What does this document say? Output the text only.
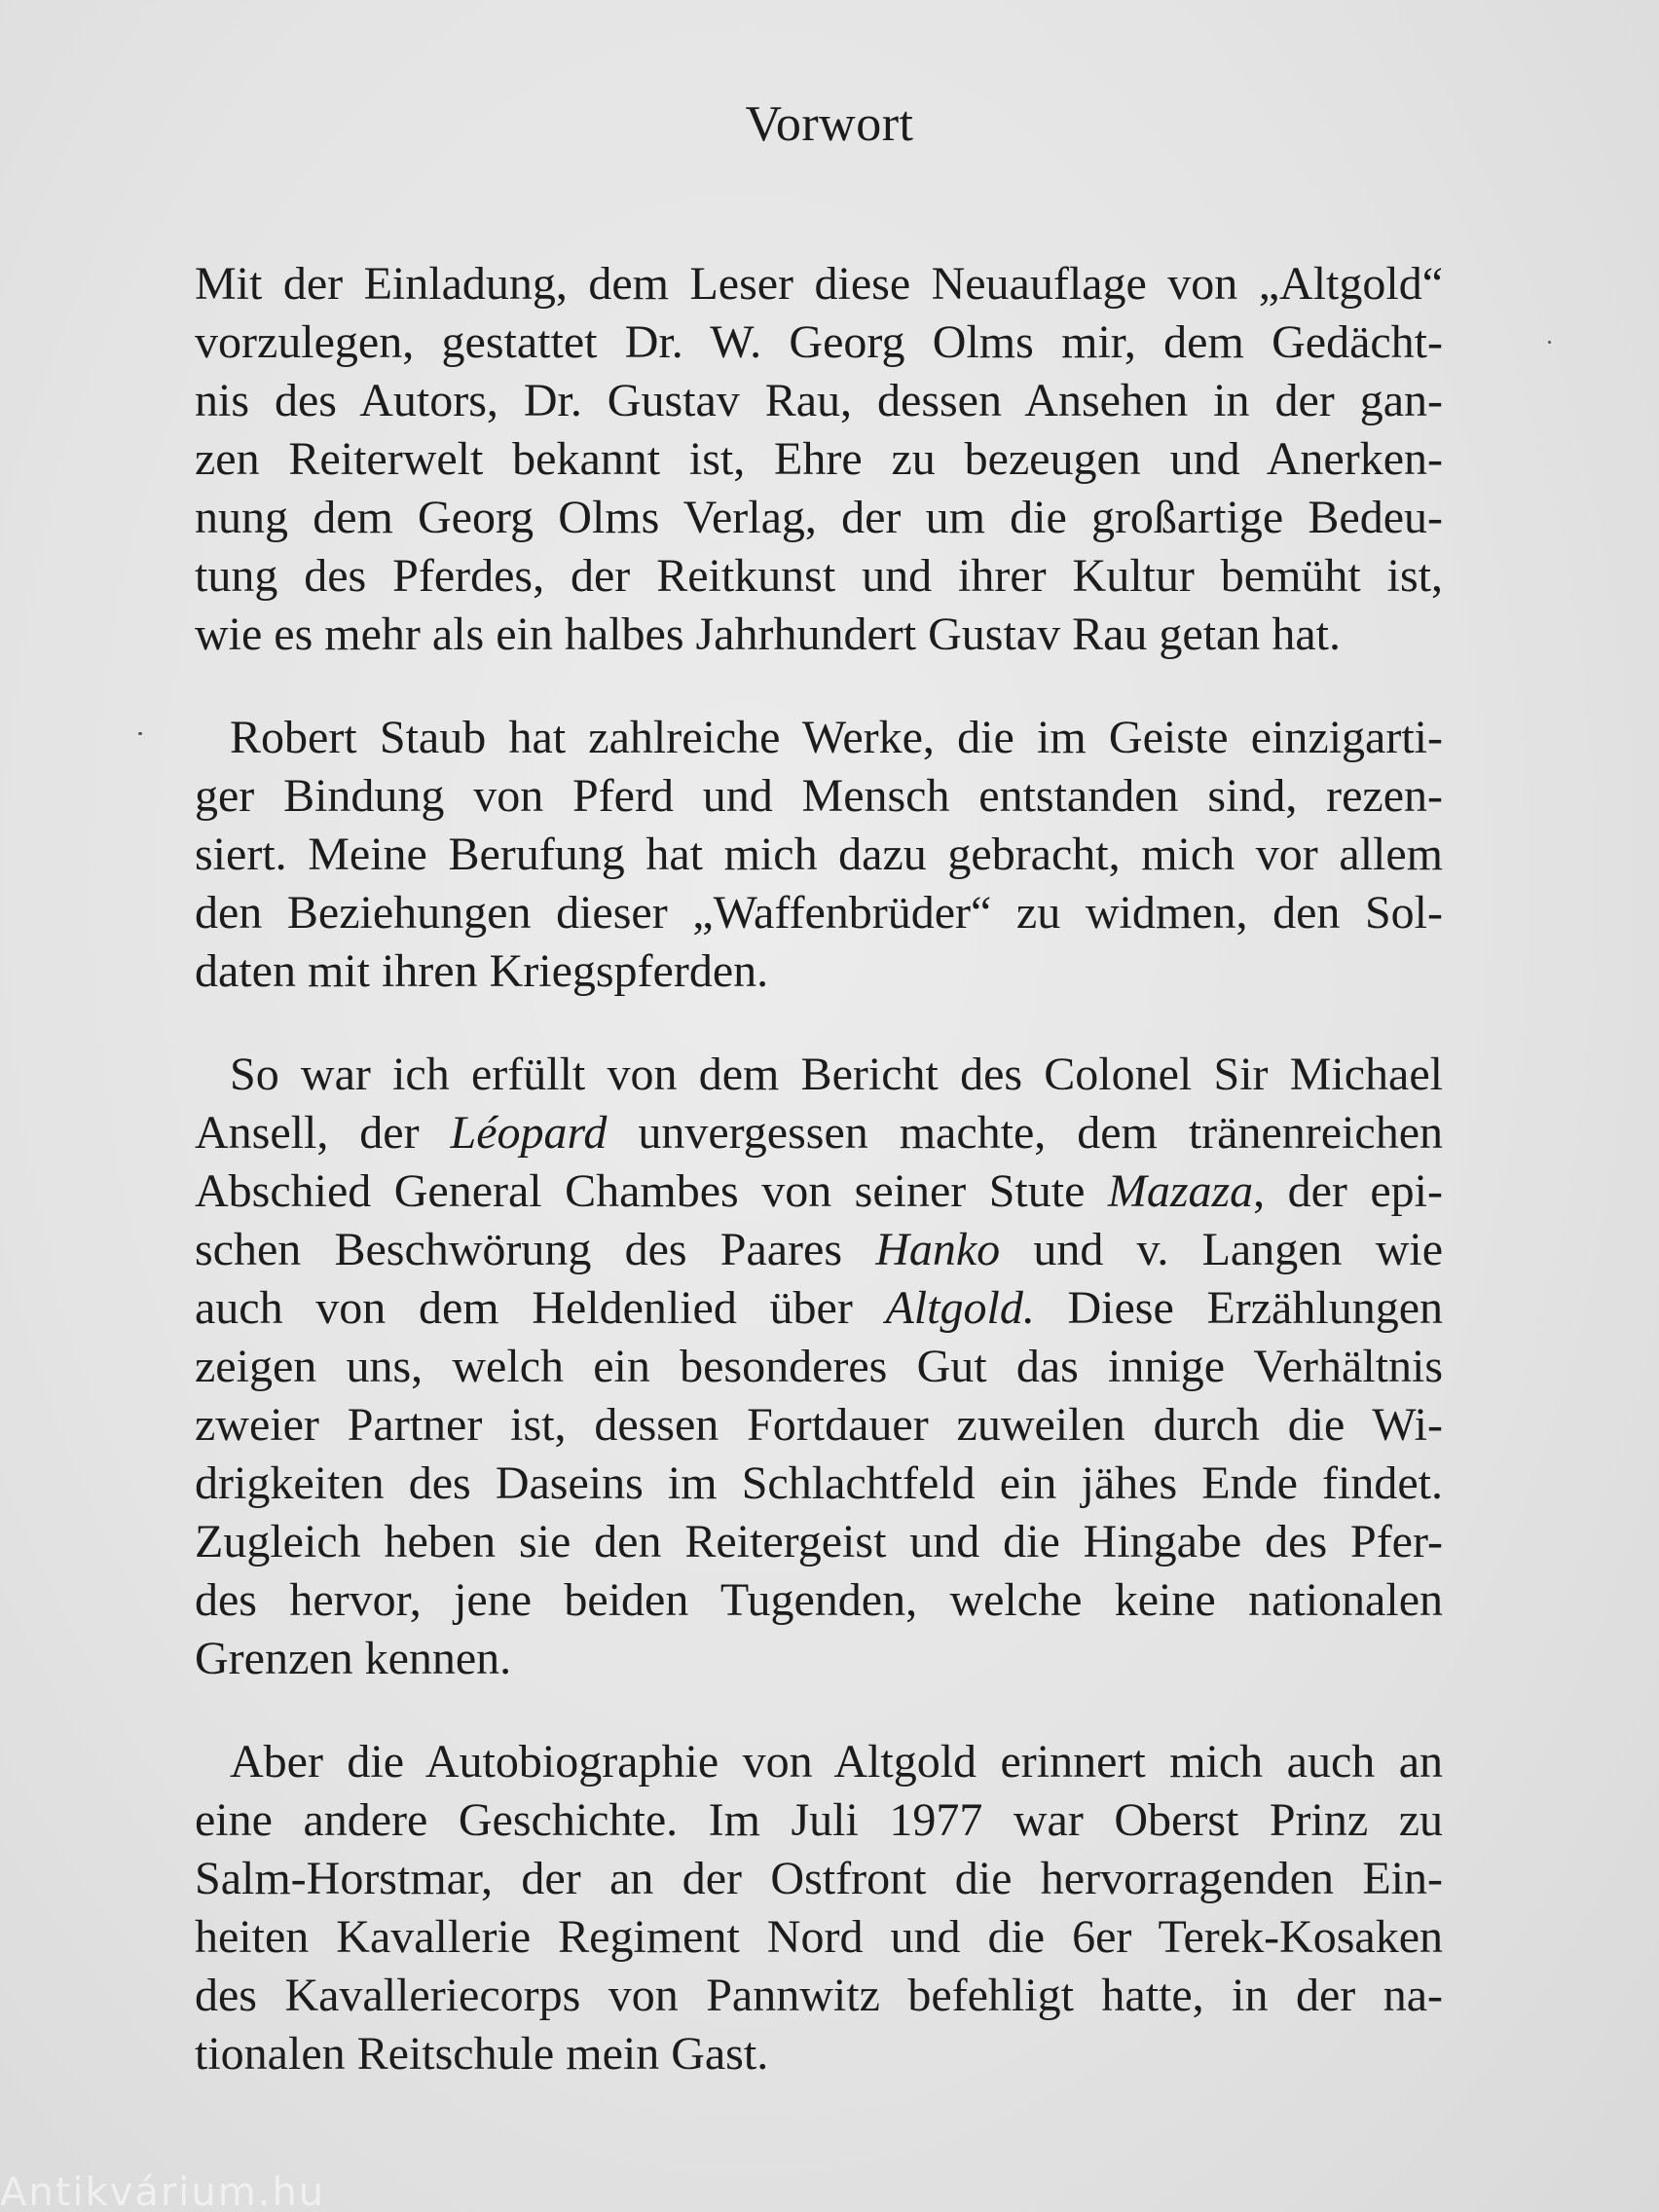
Vorwort
Mit der Einladung, dem Leser diese Neuauflage von „Altgold“
vorzulegen, gestattet Dr. W. Georg Olms mir, dem Gedächt-
nis des Autors, Dr. Gustav Rau, dessen Ansehen in der gan-
zen Reiterwelt bekannt ist, Ehre zu bezeugen und Anerken-
nung dem Georg Olms Verlag, der um die großartige Bedeu-
tung des Pferdes, der Reitkunst und ihrer Kultur bemüht ist,
wie es mehr als ein halbes Jahrhundert Gustav Rau getan hat.
Robert Staub hat zahlreiche Werke, die im Geiste einzigarti-
ger Bindung von Pferd und Mensch entstanden sind, rezen-
siert. Meine Berufung hat mich dazu gebracht, mich vor allem
den Beziehungen dieser „Waffenbrüder“ zu widmen, den Sol-
daten mit ihren Kriegspferden.
So war ich erfüllt von dem Bericht des Colonel Sir Michael
Ansell, der Léopard unvergessen machte, dem tränenreichen
Abschied General Chambes von seiner Stute Mazaza, der epi-
schen Beschwörung des Paares Hanko und v. Langen wie
auch von dem Heldenlied über Altgold. Diese Erzählungen
zeigen uns, welch ein besonderes Gut das innige Verhältnis
zweier Partner ist, dessen Fortdauer zuweilen durch die Wi-
drigkeiten des Daseins im Schlachtfeld ein jähes Ende findet.
Zugleich heben sie den Reitergeist und die Hingabe des Pfer-
des hervor, jene beiden Tugenden, welche keine nationalen
Grenzen kennen.
Aber die Autobiographie von Altgold erinnert mich auch an
eine andere Geschichte. Im Juli 1977 war Oberst Prinz zu
Salm-Horstmar, der an der Ostfront die hervorragenden Ein-
heiten Kavallerie Regiment Nord und die 6er Terek-Kosaken
des Kavalleriecorps von Pannwitz befehligt hatte, in der na-
tionalen Reitschule mein Gast.
Antikvárium.hu
